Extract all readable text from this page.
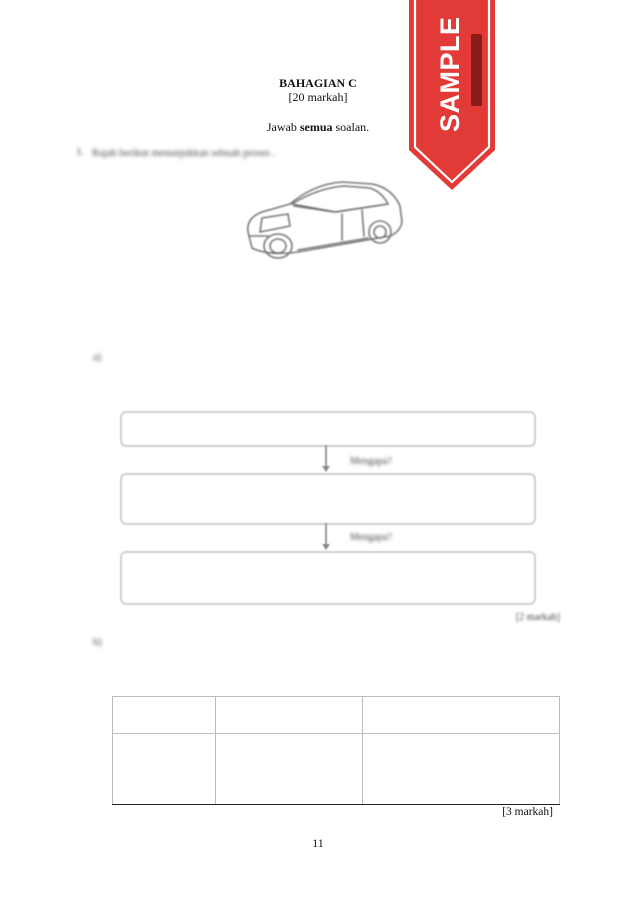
BAHAGIAN C
[20 markah]
Jawab semua soalan.
1. Rajah berikut menunjukkan sebuah proses .
a)
Mengapa?
Mengapa?
[2 markah]
b)

[3 markah]
11
SAMPLE
